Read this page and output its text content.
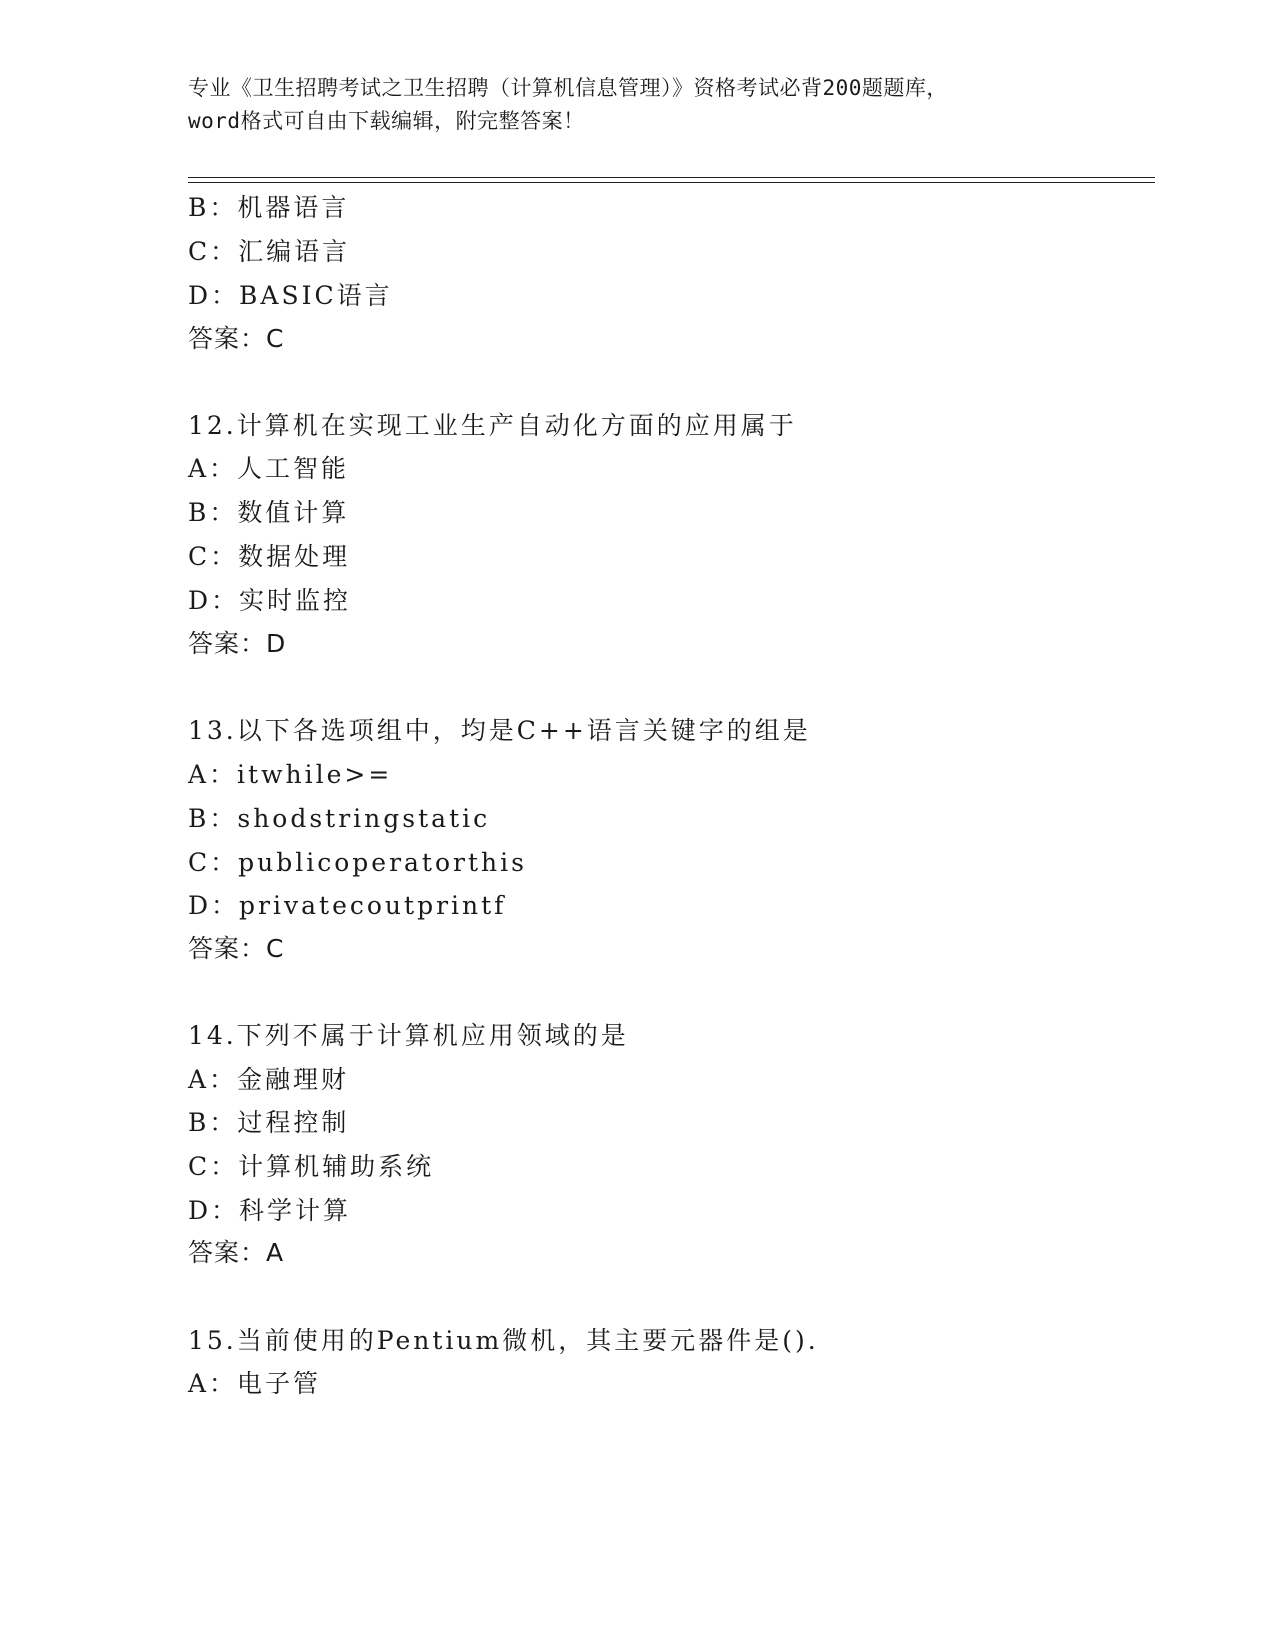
专业《卫生招聘考试之卫生招聘（计算机信息管理）》资格考试必背200题题库，
word格式可自由下载编辑，附完整答案！
B：机器语言
C：汇编语言
D：BASIC语言
答案：C
12.计算机在实现工业生产自动化方面的应用属于
A：人工智能
B：数值计算
C：数据处理
D：实时监控
答案：D
13.以下各选项组中，均是C++语言关键字的组是
A：itwhile>=
B：shodstringstatic
C：publicoperatorthis
D：privatecoutprintf
答案：C
14.下列不属于计算机应用领域的是
A：金融理财
B：过程控制
C：计算机辅助系统
D：科学计算
答案：A
15.当前使用的Pentium微机，其主要元器件是().
A：电子管
